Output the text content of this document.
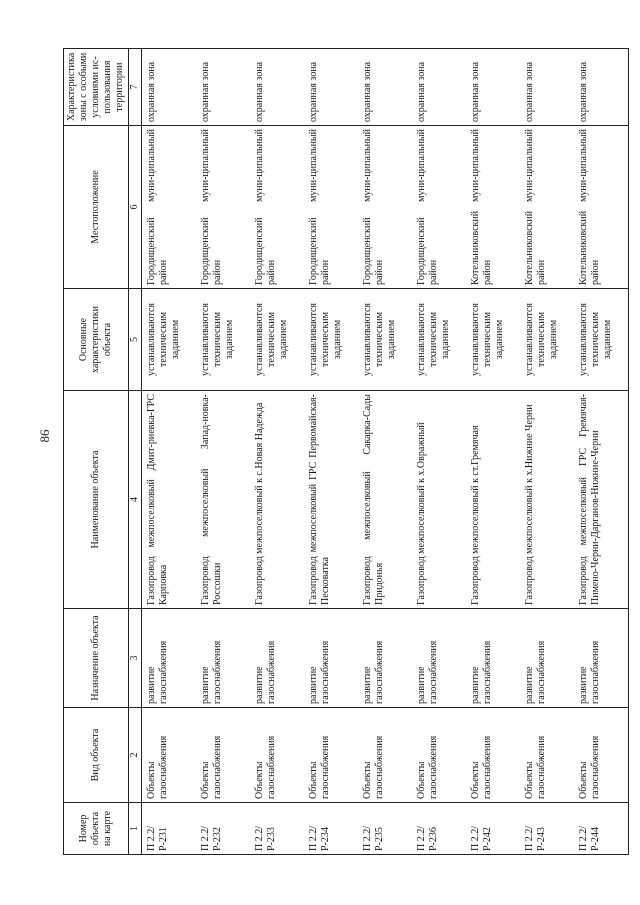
86
Номер объекта на карте	Вид объекта	Назначение объекта	Наименование объекта	Основные характеристики объекта	Местоположение	Характеристика зоны с особыми условиями ис-пользования территории
1	2	3	4	5	6	7
П 2.2/ Р-231	Объекты газоснабжения	развитие газоснабжения	Газопровод межпоселковый Дмит-риевка-ГРС Карповка	устанавливаются техническим заданием	Городищенский муни-ципальный район	охранная зона
П 2.2/ Р-232	Объекты газоснабжения	развитие газоснабжения	Газопровод межпоселковый Запад-новка-Россошки	устанавливаются техническим заданием	Городищенский муни-ципальный район	охранная зона
П 2.2/ Р-233	Объекты газоснабжения	развитие газоснабжения	Газопровод межпоселковый к с.Новая Надежда	устанавливаются техническим заданием	Городищенский муни-ципальный район	охранная зона
П 2.2/ Р-234	Объекты газоснабжения	развитие газоснабжения	Газопровод межпоселковый ГРС Первомайская-Песковатка	устанавливаются техническим заданием	Городищенский муни-ципальный район	охранная зона
П 2.2/ Р-235	Объекты газоснабжения	развитие газоснабжения	Газопровод межпоселковый Сакарка-Сады Придонья	устанавливаются техническим заданием	Городищенский муни-ципальный район	охранная зона
П 2.2/ Р-236	Объекты газоснабжения	развитие газоснабжения	Газопровод межпоселковый к х.Овражный	устанавливаются техническим заданием	Городищенский муни-ципальный район	охранная зона
П 2.2/ Р-242	Объекты газоснабжения	развитие газоснабжения	Газопровод межпоселковый к ст.Гремячая	устанавливаются техническим заданием	Котельниковский муни-ципальный район	охранная зона
П 2.2/ Р-243	Объекты газоснабжения	развитие газоснабжения	Газопровод межпоселковый к х.Нижние Черни	устанавливаются техническим заданием	Котельниковский муни-ципальный район	охранная зона
П 2.2/ Р-244	Объекты газоснабжения	развитие газоснабжения	Газопровод межпоселковый ГРС Гремячая-Пимено-Черни-Дарганов-Нижние-Черни	устанавливаются техническим заданием	Котельниковский муни-ципальный район	охранная зона
